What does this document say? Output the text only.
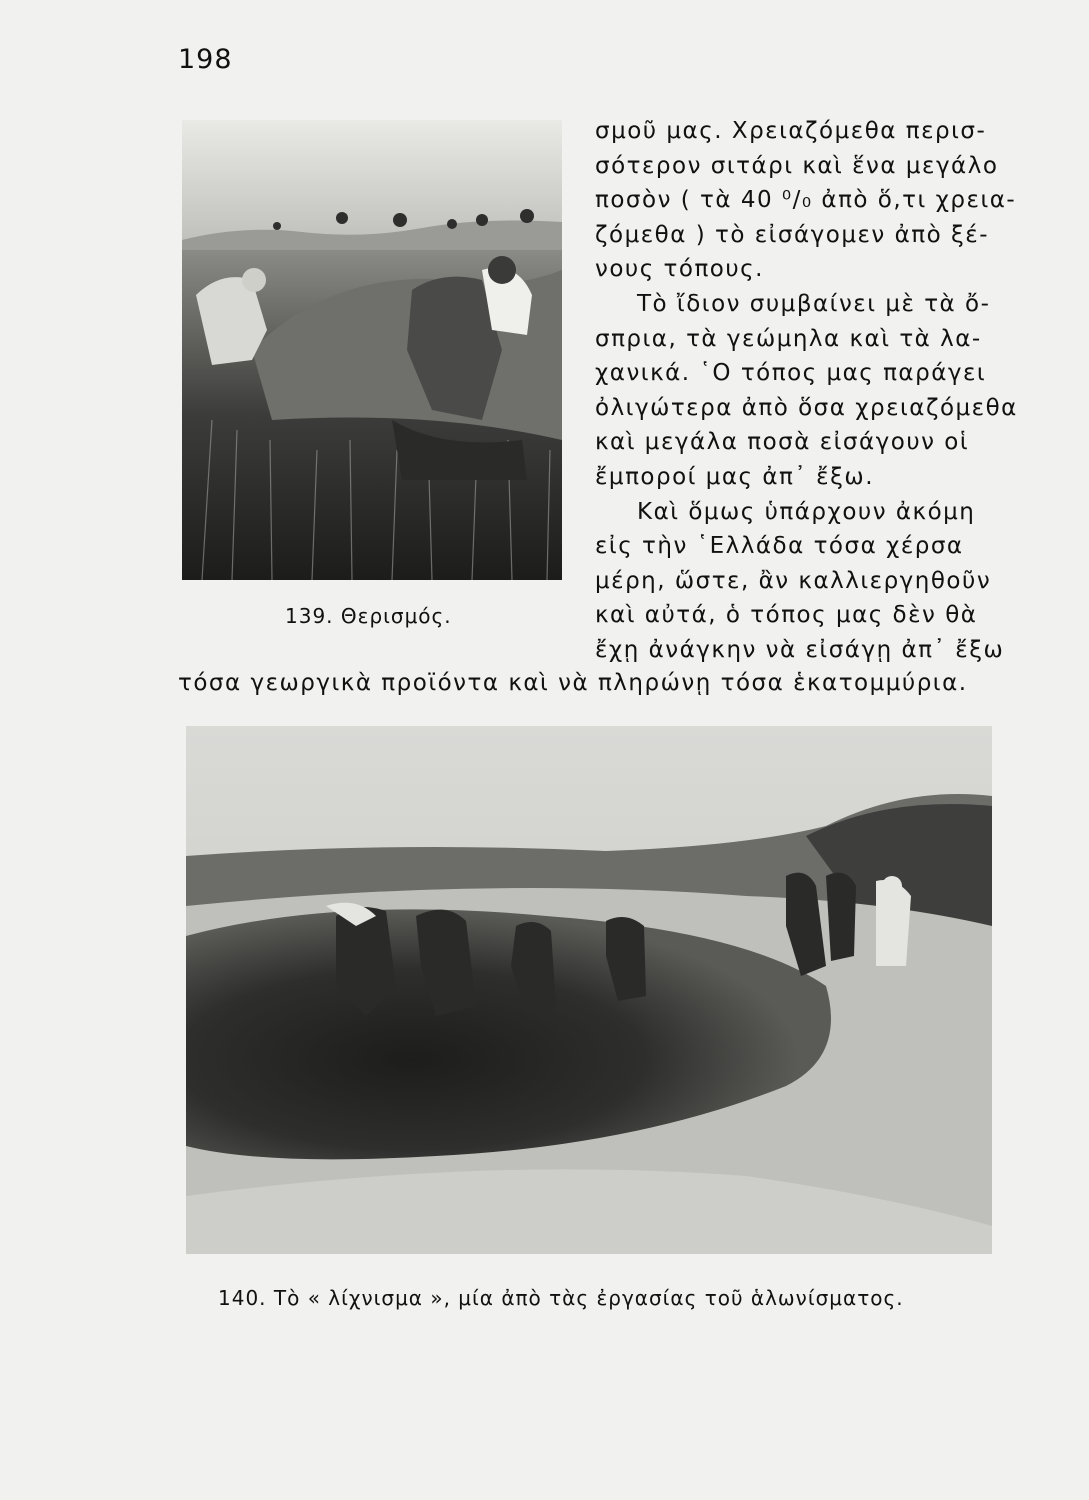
198
σμοῦ μας. Χρειαζόμεθα περισ-
σότερον σιτάρι καὶ ἕνα μεγάλο
ποσὸν ( τὰ 40 ⁰/₀ ἀπὸ ὅ,τι χρεια-
ζόμεθα ) τὸ εἰσάγομεν ἀπὸ ξέ-
νους τόπους.
Τὸ ἴδιον συμβαίνει μὲ τὰ ὄ-
σπρια, τὰ γεώμηλα καὶ τὰ λα-
χανικά. ῾Ο τόπος μας παράγει
ὀλιγώτερα ἀπὸ ὅσα χρειαζόμεθα
καὶ μεγάλα ποσὰ εἰσάγουν οἱ
ἔμποροί μας ἀπ᾽ ἔξω.
Καὶ ὅμως ὑπάρχουν ἀκόμη
εἰς τὴν ῾Ελλάδα τόσα χέρσα
μέρη, ὥστε, ἂν καλλιεργηθοῦν
καὶ αὐτά, ὁ τόπος μας δὲν θὰ
ἔχῃ ἀνάγκην νὰ εἰσάγῃ ἀπ᾽ ἔξω
139. Θερισμός.
τόσα γεωργικὰ προϊόντα καὶ νὰ πληρώνῃ τόσα ἑκατομμύρια.
140. Τὸ « λίχνισμα », μία ἀπὸ τὰς ἐργασίας τοῦ ἁλωνίσματος.
